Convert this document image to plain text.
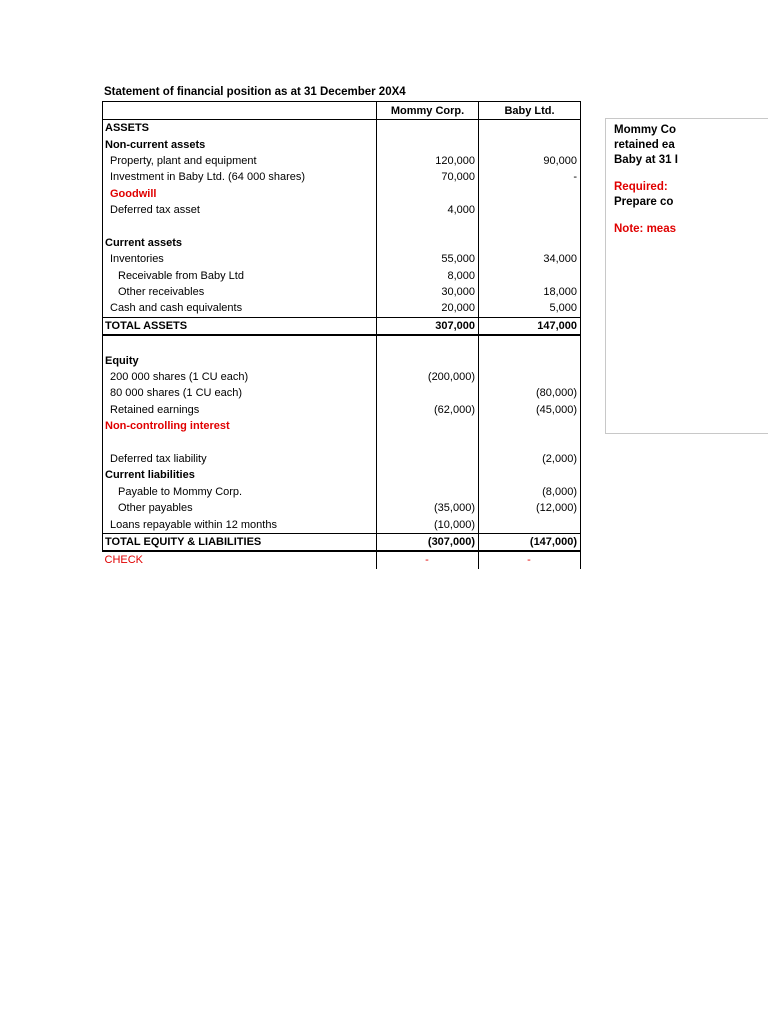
Statement of financial position as at 31 December 20X4
	Mommy Corp.	Baby Ltd.
ASSETS		
Non-current assets		
Property, plant and equipment	120,000	90,000
Investment in Baby Ltd. (64 000 shares)	70,000	-
Goodwill		
Deferred tax asset	4,000	

Current assets		
Inventories	55,000	34,000
Receivable from Baby Ltd	8,000	
Other receivables	30,000	18,000
Cash and cash equivalents	20,000	5,000
TOTAL ASSETS	307,000	147,000

Equity		
200 000 shares (1 CU each)	(200,000)	
80 000 shares (1 CU each)		(80,000)
Retained earnings	(62,000)	(45,000)
Non-controlling interest		

Deferred tax liability		(2,000)
Current liabilities		
Payable to Mommy Corp.		(8,000)
Other payables	(35,000)	(12,000)
Loans repayable within 12 months	(10,000)	
TOTAL EQUITY & LIABILITIES	(307,000)	(147,000)
CHECK	-	-
Mommy Co
retained ea
Baby at 31 I
Required:
Prepare co
Note: meas
